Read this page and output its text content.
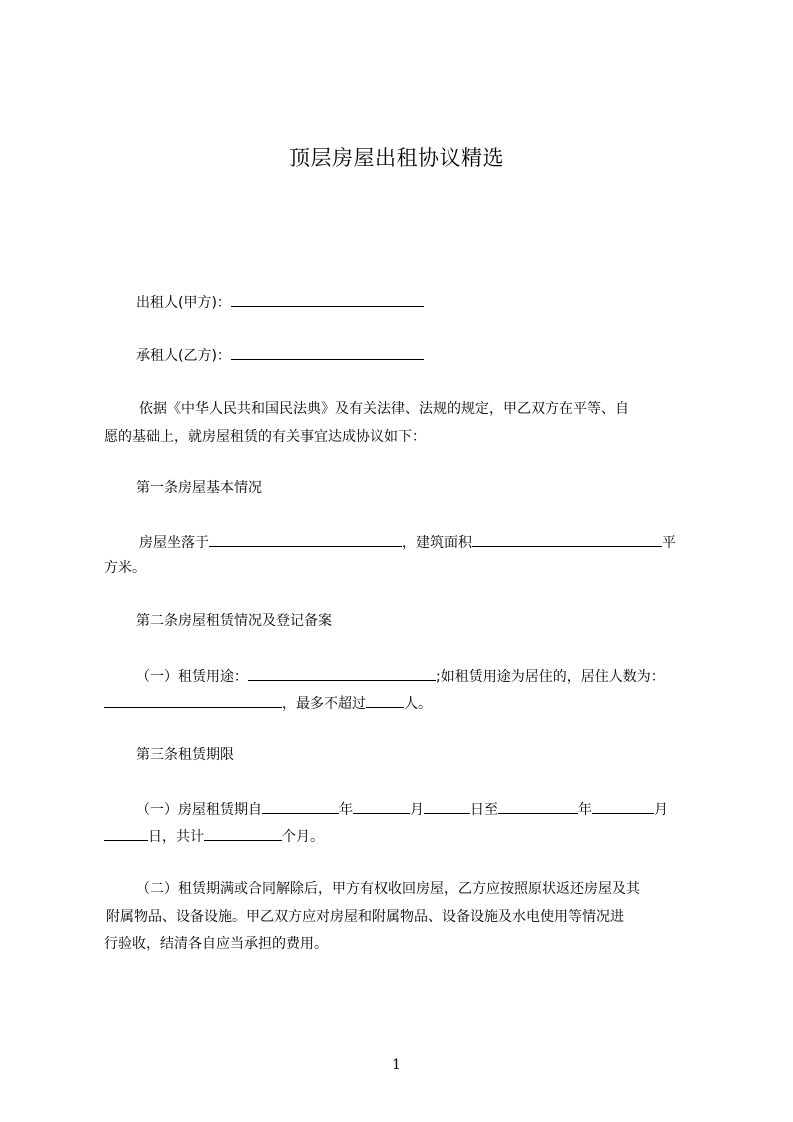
顶层房屋出租协议精选
出租人(甲方)：
承租人(乙方)：
依据《中华人民共和国民法典》及有关法律、法规的规定，甲乙双方在平等、自
愿的基础上，就房屋租赁的有关事宜达成协议如下：
第一条房屋基本情况
房屋坐落于	，建筑面积	平
方米。
第二条房屋租赁情况及登记备案
（一）租赁用途：	;如租赁用途为居住的，居住人数为：
，最多不超过	人。
第三条租赁期限
（一）房屋租赁期自	年	月	日至	年	月
日，共计	个月。
（二）租赁期满或合同解除后，甲方有权收回房屋，乙方应按照原状返还房屋及其
附属物品、设备设施。甲乙双方应对房屋和附属物品、设备设施及水电使用等情况进
行验收，结清各自应当承担的费用。
1
